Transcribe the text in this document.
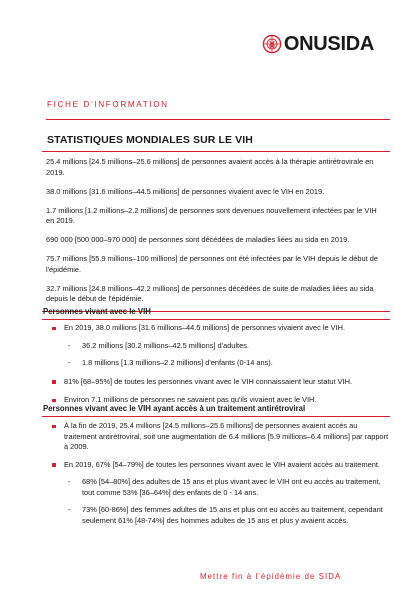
ONUSIDA
FICHE D’INFORMATION
STATISTIQUES MONDIALES SUR LE VIH
25.4 millions [24.5 millions–25.6 millions] de personnes avaient accès à la thérapie antirétrovirale en 2019.
38.0 millions [31.6 millions–44.5 millions] de personnes vivaient avec le VIH en 2019.
1.7 millions [1.2 millions–2.2 millions] de personnes sont devenues nouvellement infectées par le VIH en 2019.
690 000 [500 000–970 000] de personnes sont décédées de maladies liées au sida en 2019.
75.7 millions [55.9 millions–100 millions] de personnes ont été infectées par le VIH depuis le début de l'épidémie.
32.7 millions [24.8 millions–42.2 millions] de personnes décédées de suite de maladies liées au sida depuis le début de l'épidémie.
Personnes vivant avec le VIH
En 2019, 38.0 millions [31.6 millions–44.5 millions] de personnes vivaient avec le VIH.
- 36.2 millions [30.2 millions–42.5 millions] d'adultes.
- 1.8 millions [1.3 millions–2.2 millions] d'enfants (0-14 ans).
81% [68–95%] de toutes les personnes vivant avec le VIH connaissaient leur statut VIH.
Environ 7.1 millions de personnes ne savaient pas qu'ils vivaient avec le VIH.
Personnes vivant avec le VIH ayant accès à un traitement antirétroviral
À la fin de 2019, 25.4 millions [24.5 millions–25.6 millions] de personnes avaient accès au traitement antirétroviral, soit une augmentation de 6.4 millions [5.9 millions–6.4 millions] par rapport à 2009.
En 2019, 67% [54–79%] de toutes les personnes vivant avec le VIH avaient accès au traitement.
- 68% [54–80%] des adultes de 15 ans et plus vivant avec le VIH ont eu accès au traitement, tout comme 53% [36–64%] des enfants de 0 - 14 ans.
- 73% [60-86%] des femmes adultes de 15 ans et plus ont eu accès au traitement, cependant seulement 61% [48-74%] des hommes adultes de 15 ans et plus y avaient accès.
Mettre fin à l'épidémie de SIDA
